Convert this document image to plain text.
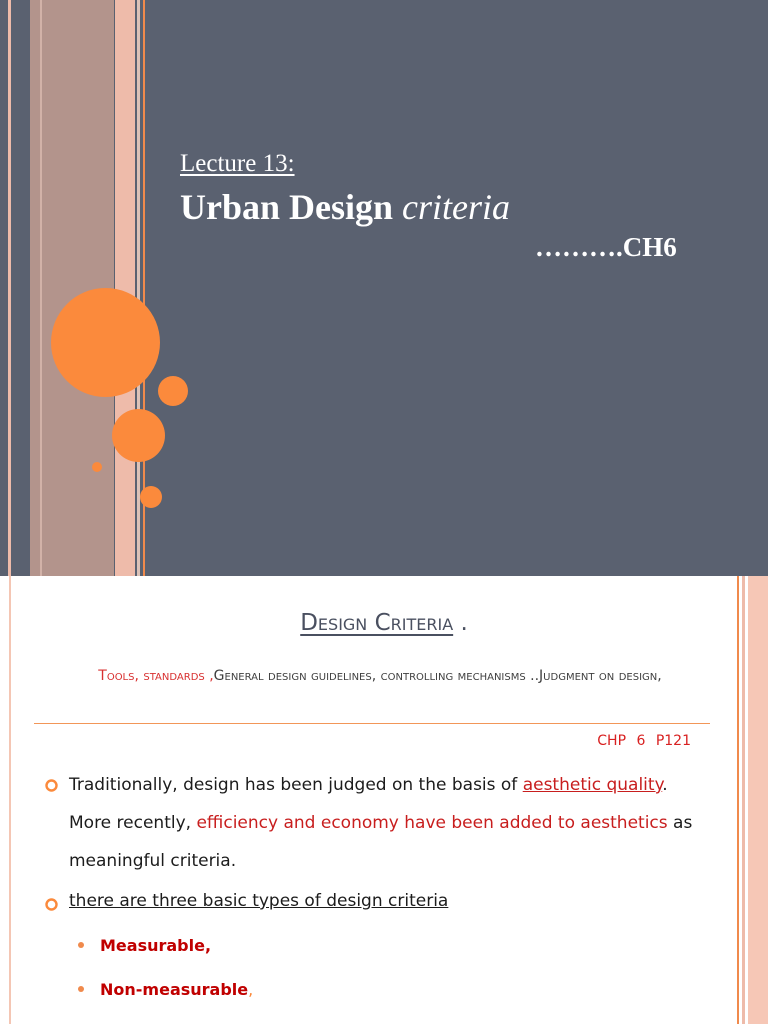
Lecture 13:
Urban Design criteria
……….CH6
Design Criteria .
Tools, standards ,General design guidelines, controlling mechanisms ..Judgment on design,
CHP 6 P121
Traditionally, design has been judged on the basis of aesthetic quality. More recently, efficiency and economy have been added to aesthetics as meaningful criteria.
there are three basic types of design criteria
Measurable,
Non-measurable,
